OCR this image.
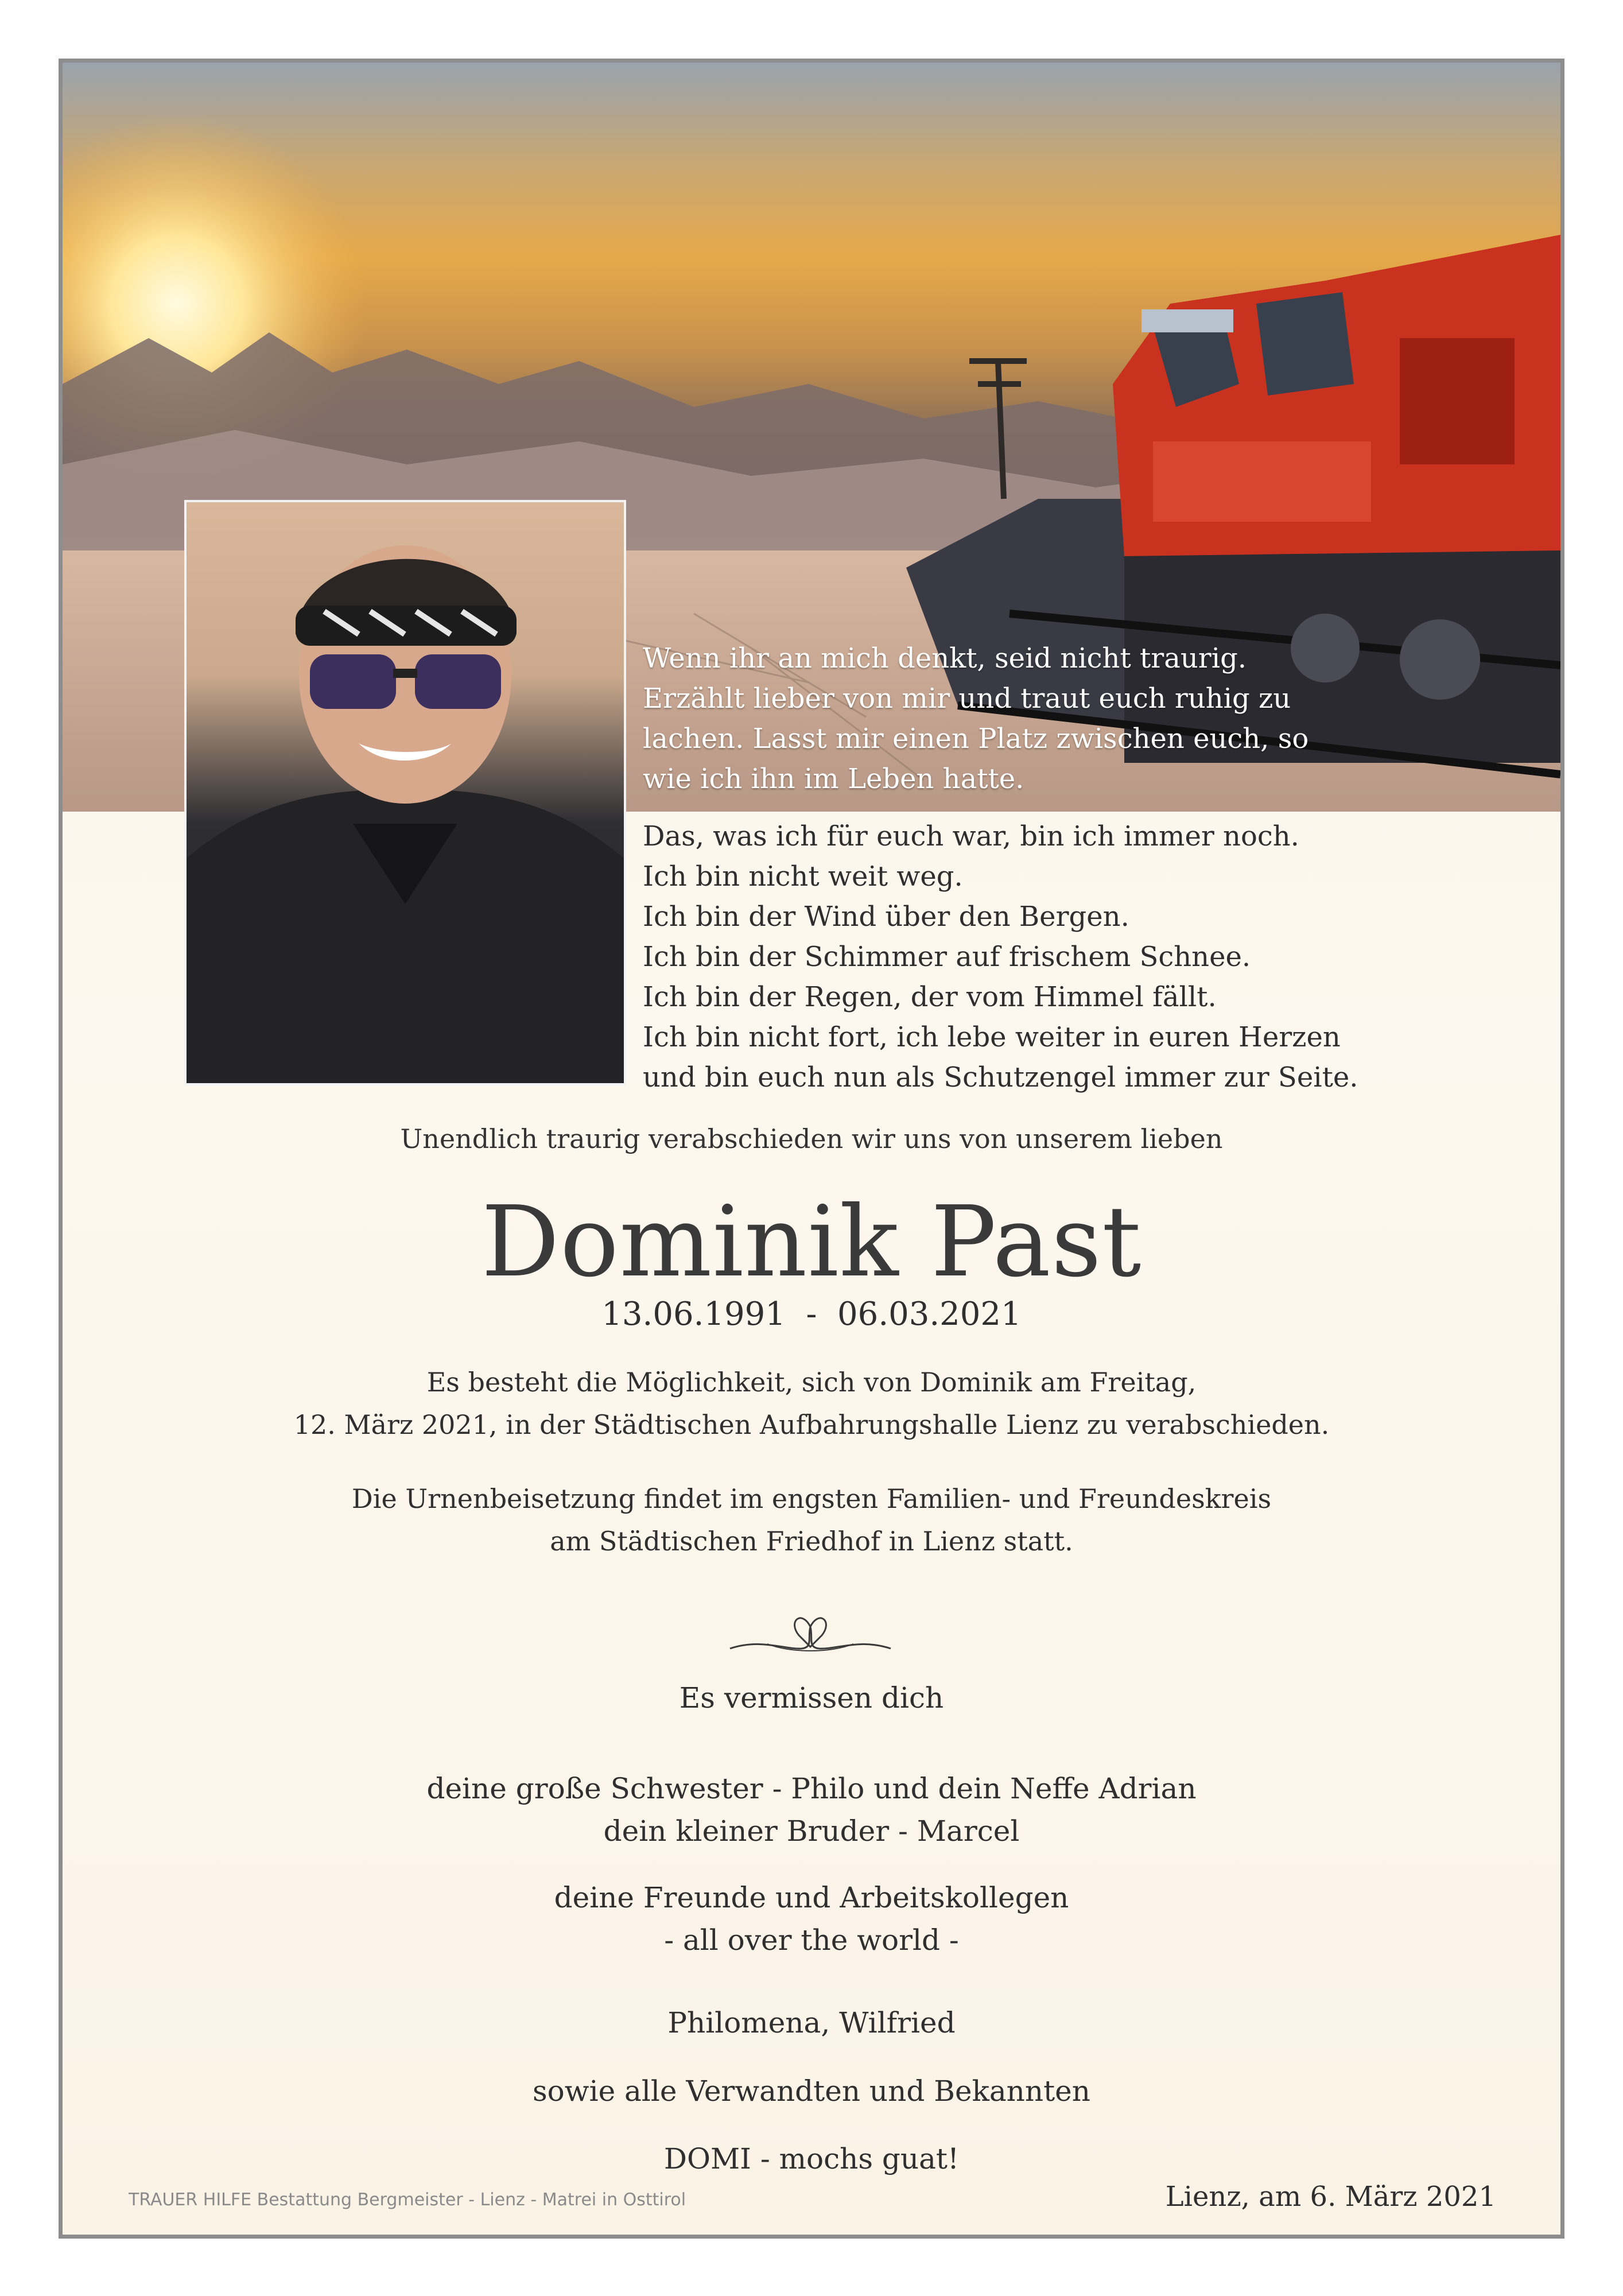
Wenn ihr an mich denkt, seid nicht traurig.
Erzählt lieber von mir und traut euch ruhig zu
lachen. Lasst mir einen Platz zwischen euch, so
wie ich ihn im Leben hatte.
Das, was ich für euch war, bin ich immer noch.
Ich bin nicht weit weg.
Ich bin der Wind über den Bergen.
Ich bin der Schimmer auf frischem Schnee.
Ich bin der Regen, der vom Himmel fällt.
Ich bin nicht fort, ich lebe weiter in euren Herzen
und bin euch nun als Schutzengel immer zur Seite.
Unendlich traurig verabschieden wir uns von unserem lieben
Dominik Past
13.06.1991  -  06.03.2021
Es besteht die Möglichkeit, sich von Dominik am Freitag,
12. März 2021, in der Städtischen Aufbahrungshalle Lienz zu verabschieden.
Die Urnenbeisetzung findet im engsten Familien- und Freundeskreis
am Städtischen Friedhof in Lienz statt.
Es vermissen dich
deine große Schwester - Philo und dein Neffe Adrian
dein kleiner Bruder - Marcel
deine Freunde und Arbeitskollegen
- all over the world -
Philomena, Wilfried
sowie alle Verwandten und Bekannten
DOMI - mochs guat!
TRAUER HILFE Bestattung Bergmeister - Lienz - Matrei in Osttirol	Lienz, am 6. März 2021
